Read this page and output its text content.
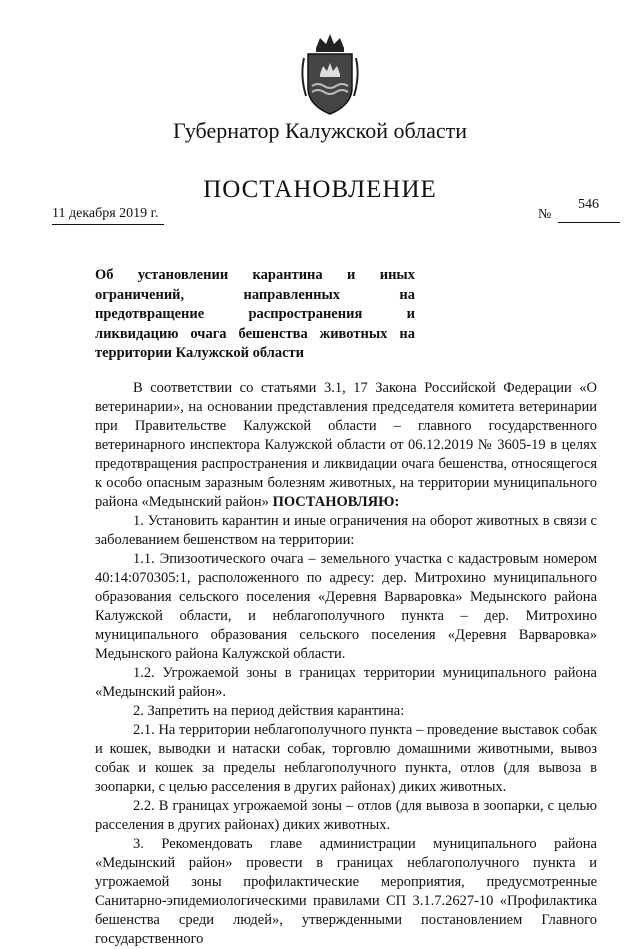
Губернатор Калужской области
ПОСТАНОВЛЕНИЕ
11 декабря 2019 г.	№
546
Об установлении карантина и иных ограничений, направленных на предотвращение распространения и ликвидацию очага бешенства животных на территории Калужской области

В соответствии со статьями 3.1, 17 Закона Российской Федерации «О ветеринарии», на основании представления председателя комитета ветеринарии при Правительстве Калужской области – главного государственного ветеринарного инспектора Калужской области от 06.12.2019 № 3605-19 в целях предотвращения распространения и ликвидации очага бешенства, относящегося к особо опасным заразным болезням животных, на территории муниципального района «Медынский район» ПОСТАНОВЛЯЮ:

1. Установить карантин и иные ограничения на оборот животных в связи с заболеванием бешенством на территории:

1.1. Эпизоотического очага – земельного участка с кадастровым номером 40:14:070305:1, расположенного по адресу: дер. Митрохино муниципального образования сельского поселения «Деревня Варваровка» Медынского района Калужской области, и неблагополучного пункта – дер. Митрохино муниципального образования сельского поселения «Деревня Варваровка» Медынского района Калужской области.

1.2. Угрожаемой зоны в границах территории муниципального района «Медынский район».

2. Запретить на период действия карантина:

2.1. На территории неблагополучного пункта – проведение выставок собак и кошек, выводки и натаски собак, торговлю домашними животными, вывоз собак и кошек за пределы неблагополучного пункта, отлов (для вывоза в зоопарки, с целью расселения в других районах) диких животных.

2.2. В границах угрожаемой зоны – отлов (для вывоза в зоопарки, с целью расселения в других районах) диких животных.

3. Рекомендовать главе администрации муниципального района «Медынский район» провести в границах неблагополучного пункта и угрожаемой зоны профилактические мероприятия, предусмотренные Санитарно-эпидемиологическими правилами СП 3.1.7.2627-10 «Профилактика бешенства среди людей», утвержденными постановлением Главного государственного
